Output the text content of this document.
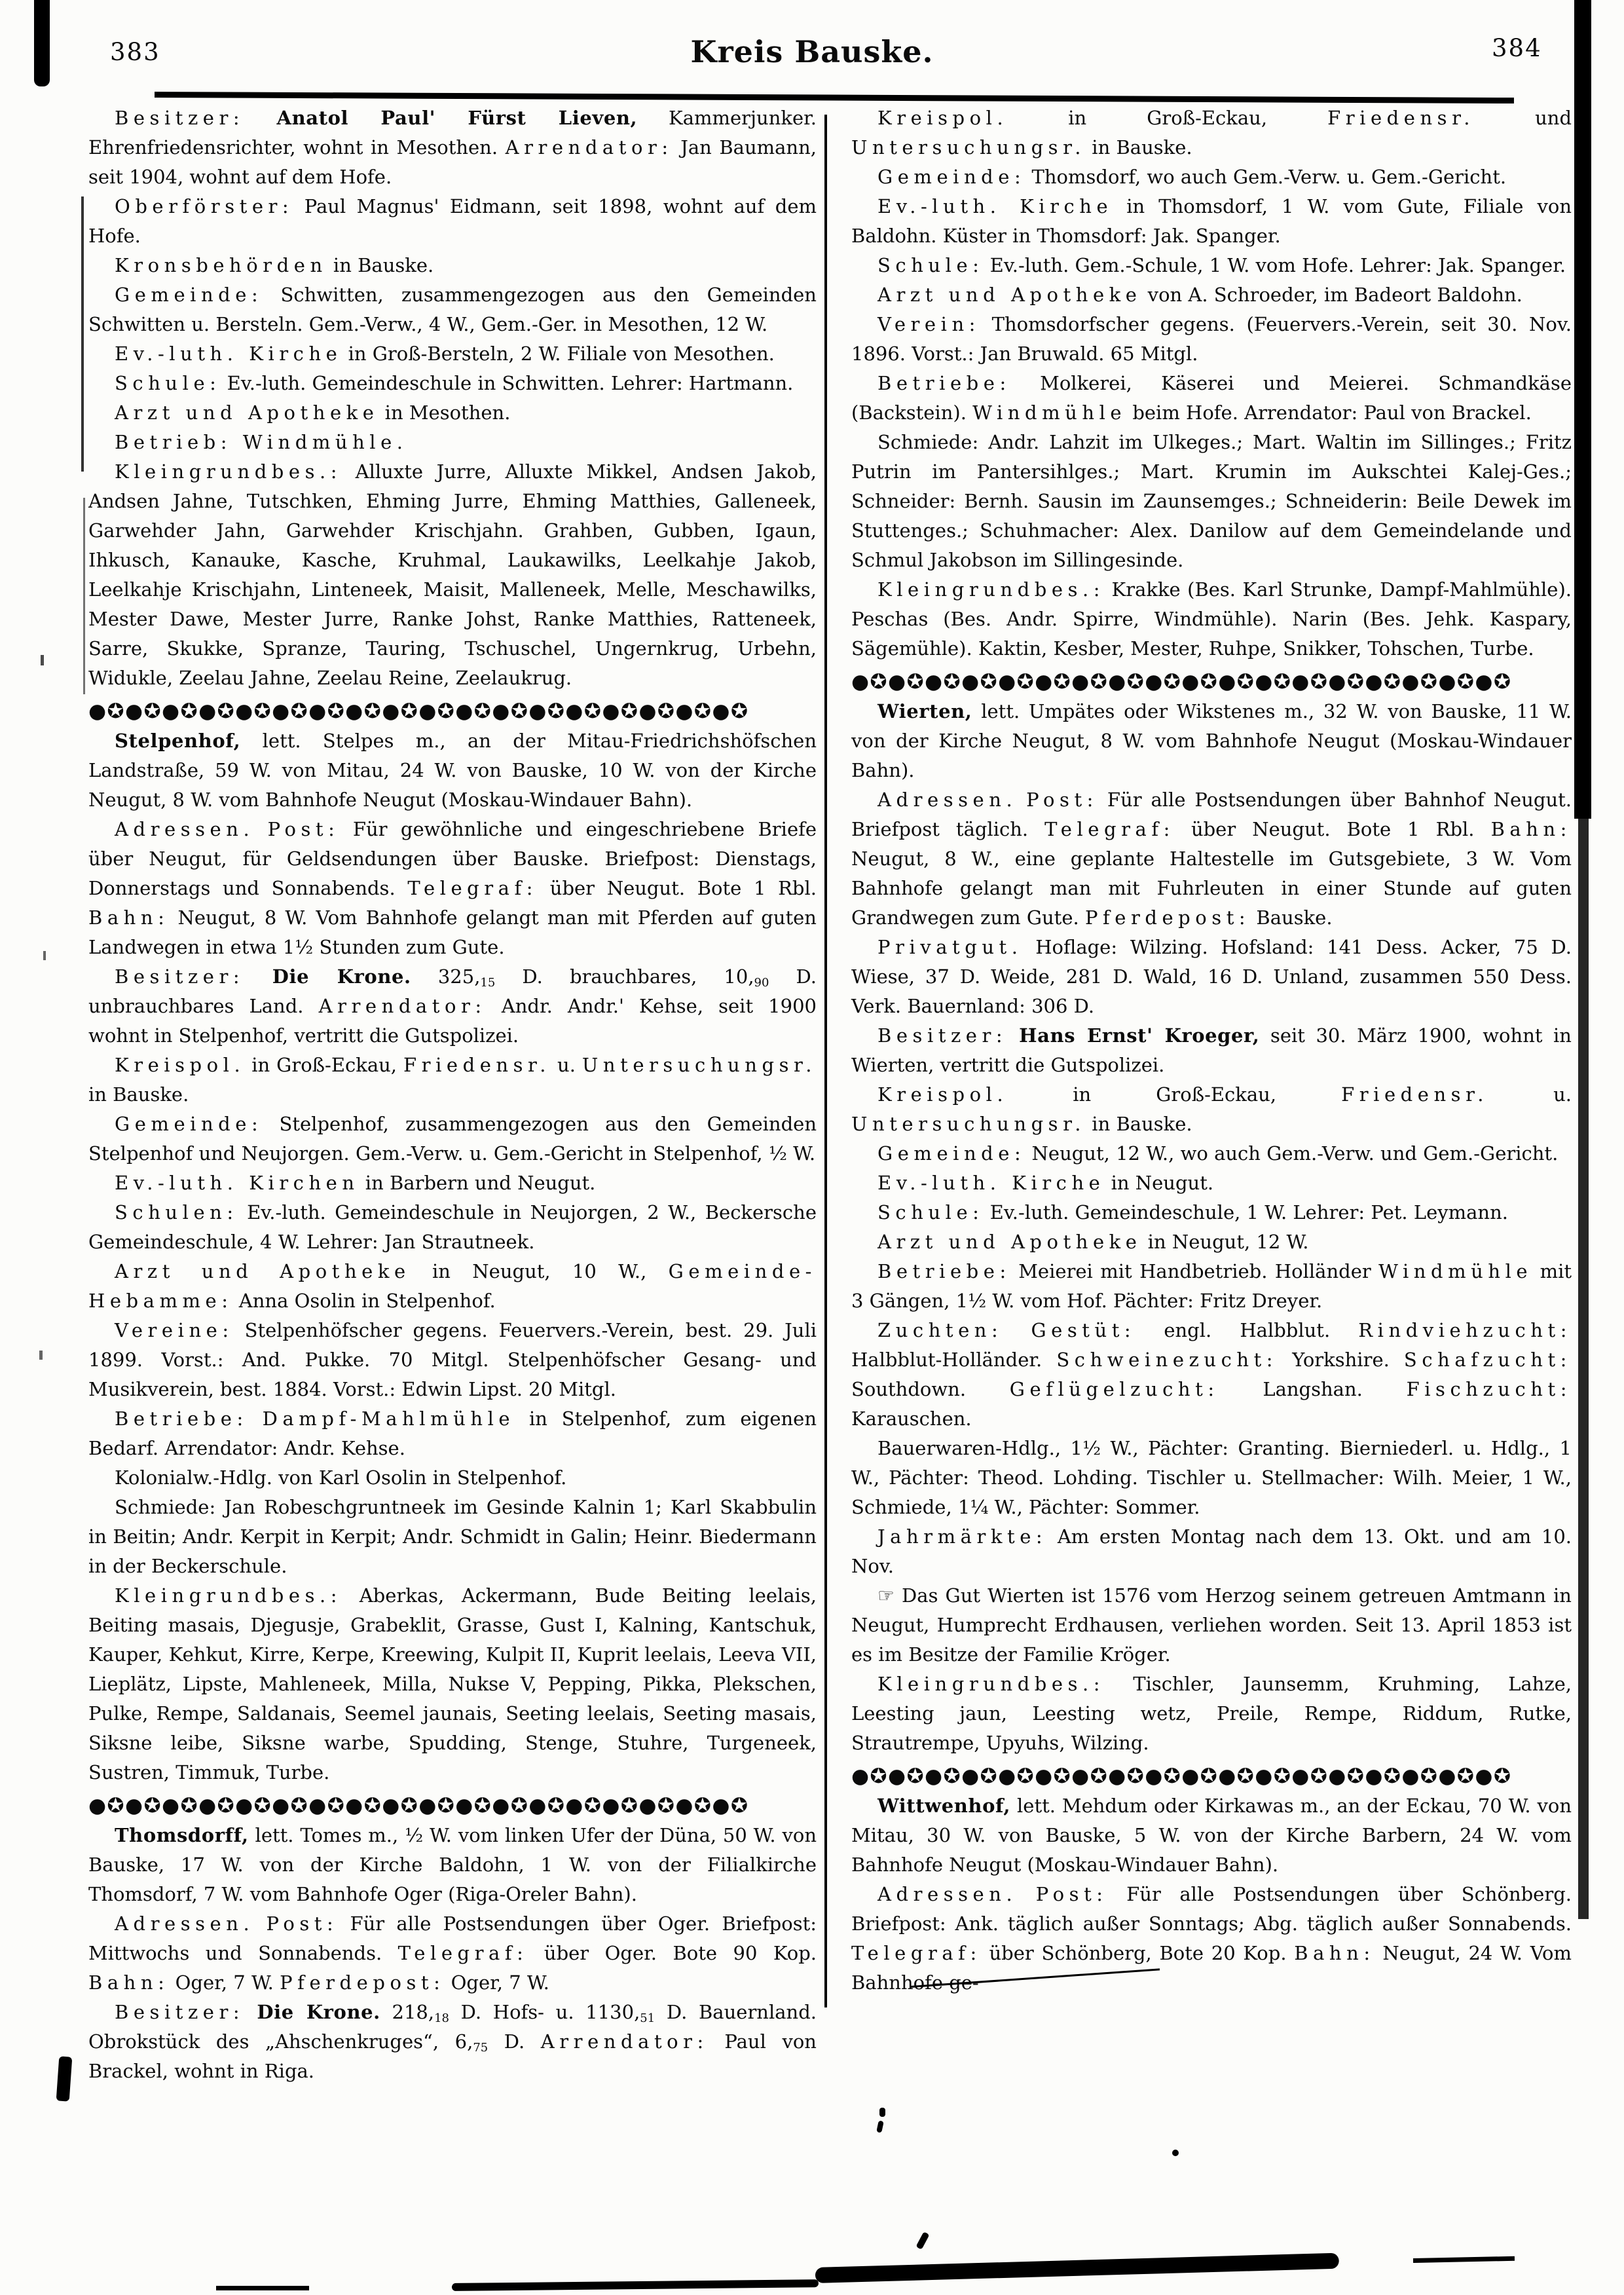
383	Kreis Bauske.	384

Besitzer: Anatol Paul' Fürst Lieven, Kammerjunker. Ehrenfriedensrichter, wohnt in Mesothen. Arrendator: Jan Baumann, seit 1904, wohnt auf dem Hofe.

Oberförster: Paul Magnus' Eidmann, seit 1898, wohnt auf dem Hofe.

Kronsbehörden in Bauske.

Gemeinde: Schwitten, zusammengezogen aus den Gemeinden Schwitten u. Bersteln. Gem.-Verw., 4 W., Gem.-Ger. in Mesothen, 12 W.

Ev.-luth. Kirche in Groß-Bersteln, 2 W. Filiale von Mesothen.

Schule: Ev.-luth. Gemeindeschule in Schwitten. Lehrer: Hartmann.

Arzt und Apotheke in Mesothen.

Betrieb: Windmühle.

Kleingrundbes.: Alluxte Jurre, Alluxte Mikkel, Andsen Jakob, Andsen Jahne, Tutschken, Ehming Jurre, Ehming Matthies, Galleneek, Garwehder Jahn, Garwehder Krischjahn. Grahben, Gubben, Igaun, Ihkusch, Kanauke, Kasche, Kruhmal, Laukawilks, Leelkahje Jakob, Leelkahje Krischjahn, Linteneek, Maisit, Malleneek, Melle, Meschawilks, Mester Dawe, Mester Jurre, Ranke Johst, Ranke Matthies, Ratteneek, Sarre, Skukke, Spranze, Tauring, Tschuschel, Ungernkrug, Urbehn, Widukle, Zeelau Jahne, Zeelau Reine, Zeelaukrug.

●✪●✪●✪●✪●✪●✪●✪●✪●✪●✪●✪●✪●✪●✪●✪●✪●✪●✪

Stelpenhof, lett. Stelpes m., an der Mitau-Friedrichshöfschen Landstraße, 59 W. von Mitau, 24 W. von Bauske, 10 W. von der Kirche Neugut, 8 W. vom Bahnhofe Neugut (Moskau-Windauer Bahn).

Adressen. Post: Für gewöhnliche und eingeschriebene Briefe über Neugut, für Geldsendungen über Bauske. Briefpost: Dienstags, Donnerstags und Sonnabends. Telegraf: über Neugut. Bote 1 Rbl. Bahn: Neugut, 8 W. Vom Bahnhofe gelangt man mit Pferden auf guten Landwegen in etwa 1½ Stunden zum Gute.

Besitzer: Die Krone. $325,_{15}$ D. brauchbares, $10,_{90}$ D. unbrauchbares Land. Arrendator: Andr. Andr.' Kehse, seit 1900 wohnt in Stelpenhof, vertritt die Gutspolizei.

Kreispol. in Groß-Eckau, Friedensr. u. Untersuchungsr. in Bauske.

Gemeinde: Stelpenhof, zusammengezogen aus den Gemeinden Stelpenhof und Neujorgen. Gem.-Verw. u. Gem.-Gericht in Stelpenhof, ½ W.

Ev.-luth. Kirchen in Barbern und Neugut.

Schulen: Ev.-luth. Gemeindeschule in Neujorgen, 2 W., Beckersche Gemeindeschule, 4 W. Lehrer: Jan Strautneek.

Arzt und Apotheke in Neugut, 10 W., Gemeinde-Hebamme: Anna Osolin in Stelpenhof.

Vereine: Stelpenhöfscher gegens. Feuervers.-Verein, best. 29. Juli 1899. Vorst.: And. Pukke. 70 Mitgl. Stelpenhöfscher Gesang- und Musikverein, best. 1884. Vorst.: Edwin Lipst. 20 Mitgl.

Betriebe: Dampf-Mahlmühle in Stelpenhof, zum eigenen Bedarf. Arrendator: Andr. Kehse.

Kolonialw.-Hdlg. von Karl Osolin in Stelpenhof.

Schmiede: Jan Robeschgruntneek im Gesinde Kalnin 1; Karl Skabbulin in Beitin; Andr. Kerpit in Kerpit; Andr. Schmidt in Galin; Heinr. Biedermann in der Beckerschule.

Kleingrundbes.: Aberkas, Ackermann, Bude Beiting leelais, Beiting masais, Djegusje, Grabeklit, Grasse, Gust I, Kalning, Kantschuk, Kauper, Kehkut, Kirre, Kerpe, Kreewing, Kulpit II, Kuprit leelais, Leeva VII, Lieplätz, Lipste, Mahleneek, Milla, Nukse V, Pepping, Pikka, Plekschen, Pulke, Rempe, Saldanais, Seemel jaunais, Seeting leelais, Seeting masais, Siksne leibe, Siksne warbe, Spudding, Stenge, Stuhre, Turgeneek, Sustren, Timmuk, Turbe.

●✪●✪●✪●✪●✪●✪●✪●✪●✪●✪●✪●✪●✪●✪●✪●✪●✪●✪

Thomsdorff, lett. Tomes m., ½ W. vom linken Ufer der Düna, 50 W. von Bauske, 17 W. von der Kirche Baldohn, 1 W. von der Filialkirche Thomsdorf, 7 W. vom Bahnhofe Oger (Riga-Oreler Bahn).

Adressen. Post: Für alle Postsendungen über Oger. Briefpost: Mittwochs und Sonnabends. Telegraf: über Oger. Bote 90 Kop. Bahn: Oger, 7 W. Pferdepost: Oger, 7 W.

Besitzer: Die Krone. $218,_{18}$ D. Hofs- u. $1130,_{51}$ D. Bauernland. Obrokstück des „Ahschenkruges“, $6,_{75}$ D. Arrendator: Paul von Brackel, wohnt in Riga.

Kreispol. in Groß-Eckau, Friedensr. und Untersuchungsr. in Bauske.

Gemeinde: Thomsdorf, wo auch Gem.-Verw. u. Gem.-Gericht.

Ev.-luth. Kirche in Thomsdorf, 1 W. vom Gute, Filiale von Baldohn. Küster in Thomsdorf: Jak. Spanger.

Schule: Ev.-luth. Gem.-Schule, 1 W. vom Hofe. Lehrer: Jak. Spanger.

Arzt und Apotheke von A. Schroeder, im Badeort Baldohn.

Verein: Thomsdorfscher gegens. (Feuervers.-Verein, seit 30. Nov. 1896. Vorst.: Jan Bruwald. 65 Mitgl.

Betriebe: Molkerei, Käserei und Meierei. Schmandkäse (Backstein). Windmühle beim Hofe. Arrendator: Paul von Brackel.

Schmiede: Andr. Lahzit im Ulkeges.; Mart. Waltin im Sillinges.; Fritz Putrin im Pantersihlges.; Mart. Krumin im Aukschtei Kalej-Ges.; Schneider: Bernh. Sausin im Zaunsemges.; Schneiderin: Beile Dewek im Stuttenges.; Schuhmacher: Alex. Danilow auf dem Gemeindelande und Schmul Jakobson im Sillingesinde.

Kleingrundbes.: Krakke (Bes. Karl Strunke, Dampf-Mahlmühle). Peschas (Bes. Andr. Spirre, Windmühle). Narin (Bes. Jehk. Kaspary, Sägemühle). Kaktin, Kesber, Mester, Ruhpe, Snikker, Tohschen, Turbe.

●✪●✪●✪●✪●✪●✪●✪●✪●✪●✪●✪●✪●✪●✪●✪●✪●✪●✪

Wierten, lett. Umpätes oder Wikstenes m., 32 W. von Bauske, 11 W. von der Kirche Neugut, 8 W. vom Bahnhofe Neugut (Moskau-Windauer Bahn).

Adressen. Post: Für alle Postsendungen über Bahnhof Neugut. Briefpost täglich. Telegraf: über Neugut. Bote 1 Rbl. Bahn: Neugut, 8 W., eine geplante Haltestelle im Gutsgebiete, 3 W. Vom Bahnhofe gelangt man mit Fuhrleuten in einer Stunde auf guten Grandwegen zum Gute. Pferdepost: Bauske.

Privatgut. Hoflage: Wilzing. Hofsland: 141 Dess. Acker, 75 D. Wiese, 37 D. Weide, 281 D. Wald, 16 D. Unland, zusammen 550 Dess. Verk. Bauernland: 306 D.

Besitzer: Hans Ernst' Kroeger, seit 30. März 1900, wohnt in Wierten, vertritt die Gutspolizei.

Kreispol. in Groß-Eckau, Friedensr. u. Untersuchungsr. in Bauske.

Gemeinde: Neugut, 12 W., wo auch Gem.-Verw. und Gem.-Gericht.

Ev.-luth. Kirche in Neugut.

Schule: Ev.-luth. Gemeindeschule, 1 W. Lehrer: Pet. Leymann.

Arzt und Apotheke in Neugut, 12 W.

Betriebe: Meierei mit Handbetrieb. Holländer Windmühle mit 3 Gängen, 1½ W. vom Hof. Pächter: Fritz Dreyer.

Zuchten: Gestüt: engl. Halbblut. Rindviehzucht: Halbblut-Holländer. Schweinezucht: Yorkshire. Schafzucht: Southdown. Geflügelzucht: Langshan. Fischzucht: Karauschen.

Bauerwaren-Hdlg., 1½ W., Pächter: Granting. Bierniederl. u. Hdlg., 1 W., Pächter: Theod. Lohding. Tischler u. Stellmacher: Wilh. Meier, 1 W., Schmiede, 1¼ W., Pächter: Sommer.

Jahrmärkte: Am ersten Montag nach dem 13. Okt. und am 10. Nov.

☞ Das Gut Wierten ist 1576 vom Herzog seinem getreuen Amtmann in Neugut, Humprecht Erdhausen, verliehen worden. Seit 13. April 1853 ist es im Besitze der Familie Kröger.

Kleingrundbes.: Tischler, Jaunsemm, Kruhming, Lahze, Leesting jaun, Leesting wetz, Preile, Rempe, Riddum, Rutke, Strautrempe, Upyuhs, Wilzing.

●✪●✪●✪●✪●✪●✪●✪●✪●✪●✪●✪●✪●✪●✪●✪●✪●✪●✪

Wittwenhof, lett. Mehdum oder Kirkawas m., an der Eckau, 70 W. von Mitau, 30 W. von Bauske, 5 W. von der Kirche Barbern, 24 W. vom Bahnhofe Neugut (Moskau-Windauer Bahn).

Adressen. Post: Für alle Postsendungen über Schönberg. Briefpost: Ank. täglich außer Sonntags; Abg. täglich außer Sonnabends. Telegraf: über Schönberg, Bote 20 Kop. Bahn: Neugut, 24 W. Vom Bahnhofe ge-
